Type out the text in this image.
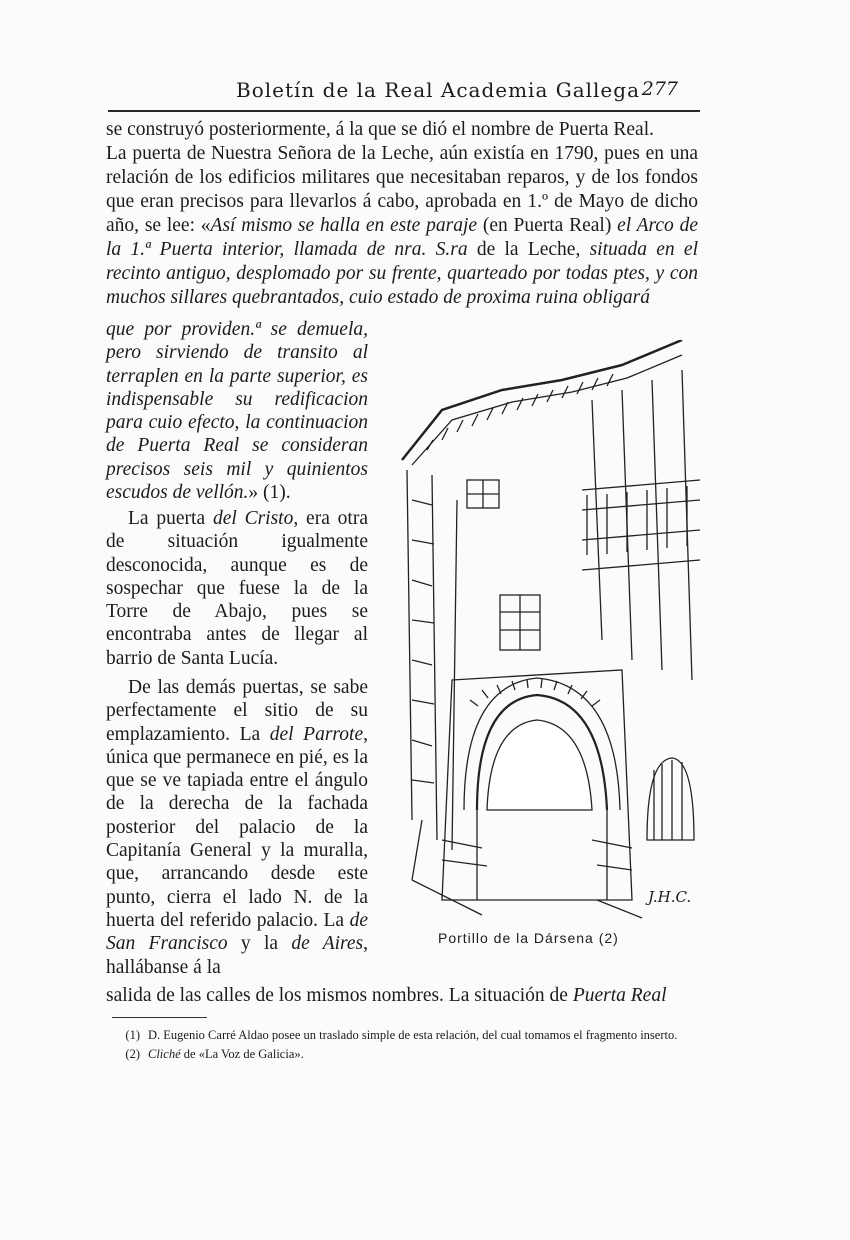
Boletín de la Real Academia Gallega 277

se construyó posteriormente, á la que se dió el nombre de Puerta Real.

La puerta de Nuestra Señora de la Leche, aún existía en 1790, pues en una relación de los edificios militares que necesitaban reparos, y de los fondos que eran precisos para llevarlos á cabo, aprobada en 1.º de Mayo de dicho año, se lee: «Así mismo se halla en este paraje (en Puerta Real) el Arco de la 1.ª Puerta interior, llamada de nra. S.ra de la Leche, situada en el recinto antiguo, desplomado por su frente, quarteado por todas ptes, y con muchos sillares quebrantados, cuio estado de proxima ruina obligará

que por providen.ª se demuela, pero sirviendo de transito al terraplen en la parte superior, es indispensable su redificacion para cuio efecto, la continuacion de Puerta Real se consideran precisos seis mil y quinientos escudos de vellón.» (1).

La puerta del Cristo, era otra de situación igualmente desconocida, aunque es de sospechar que fuese la de la Torre de Abajo, pues se encontraba antes de llegar al barrio de Santa Lucía.

De las demás puertas, se sabe perfectamente el sitio de su emplazamiento. La del Parrote, única que permanece en pié, es la que se ve tapiada entre el ángulo de la derecha de la fachada posterior del palacio de la Capitanía General y la muralla, que, arrancando desde este punto, cierra el lado N. de la huerta del referido palacio. La de San Francisco y la de Aires, hallábanse á la

salida de las calles de los mismos nombres. La situación de Puerta Real
J.H.C.
Portillo de la Dársena (2)

(1) D. Eugenio Carré Aldao posee un traslado simple de esta relación, del cual tomamos el fragmento inserto.

(2) Cliché de «La Voz de Galicia».
